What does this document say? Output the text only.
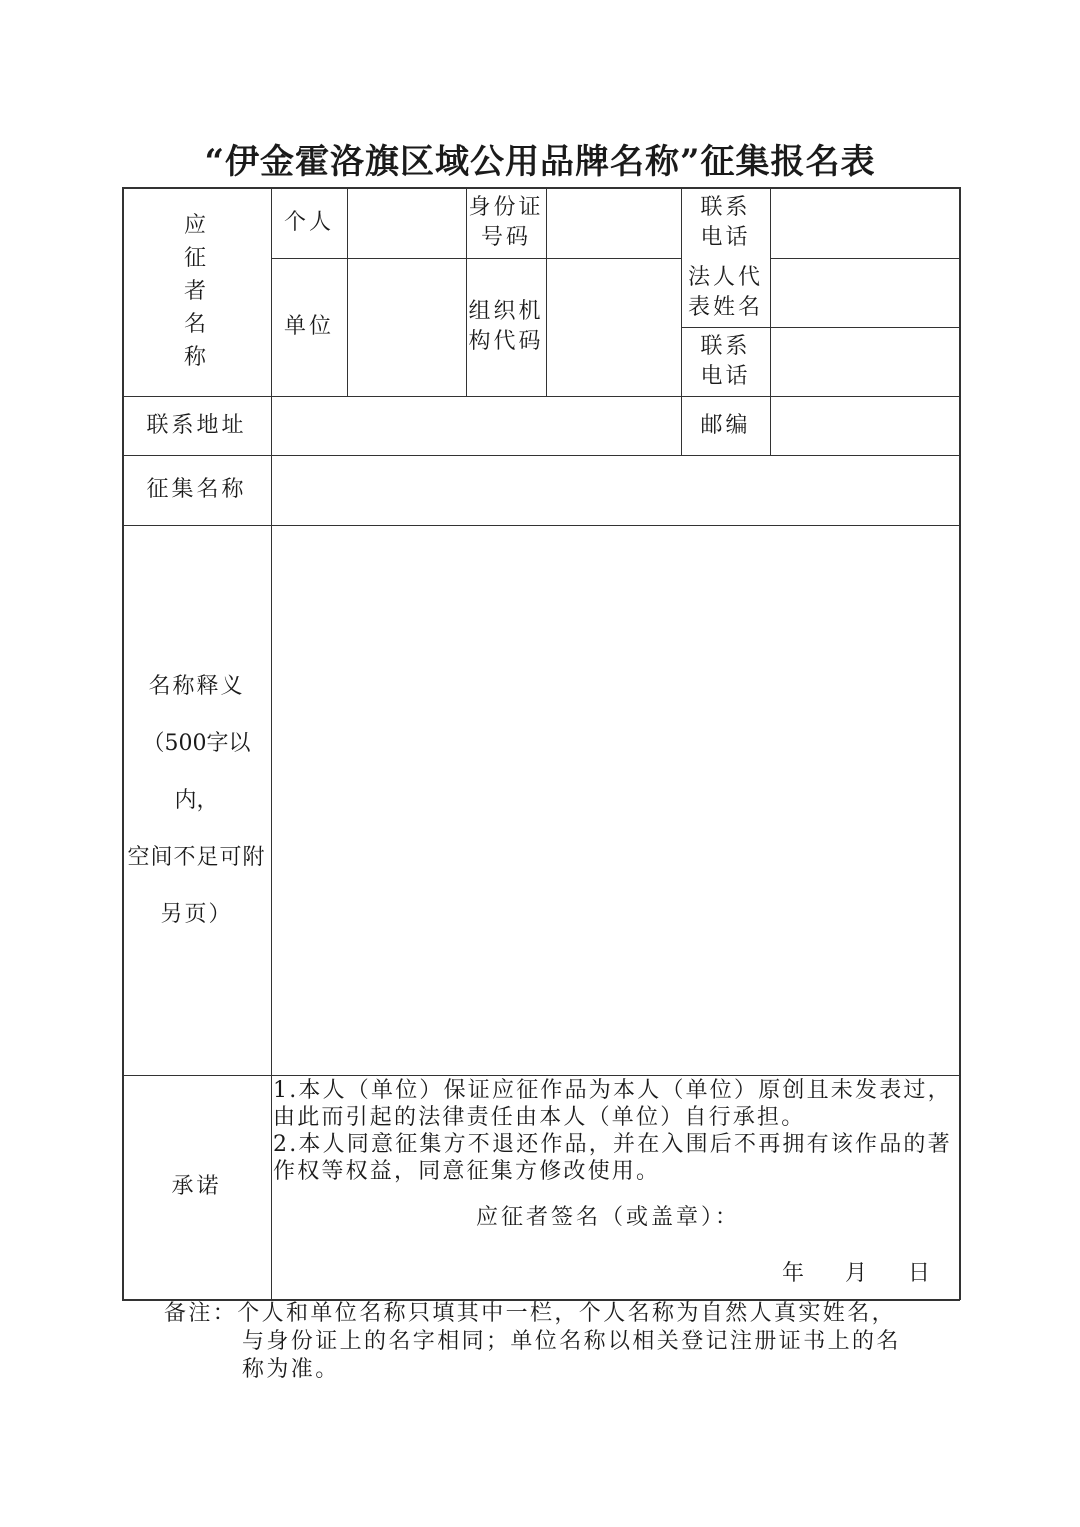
“伊金霍洛旗区域公用品牌名称”征集报名表
应
征
者
名
称
个人
身份证
号码
联系
电话
单位
组织机
构代码
法人代
表姓名
联系
电话
联系地址	邮编
征集名称
名称释义
（500字以内，
空间不足可附
另页）
承诺
1.本人（单位）保证应征作品为本人（单位）原创且未发表过，由此而引起的法律责任由本人（单位）自行承担。
2.本人同意征集方不退还作品，并在入围后不再拥有该作品的著作权等权益，同意征集方修改使用。
应征者签名（或盖章）：
年 月 日
备注：个人和单位名称只填其中一栏，个人名称为自然人真实姓名，
与身份证上的名字相同；单位名称以相关登记注册证书上的名
称为准。
